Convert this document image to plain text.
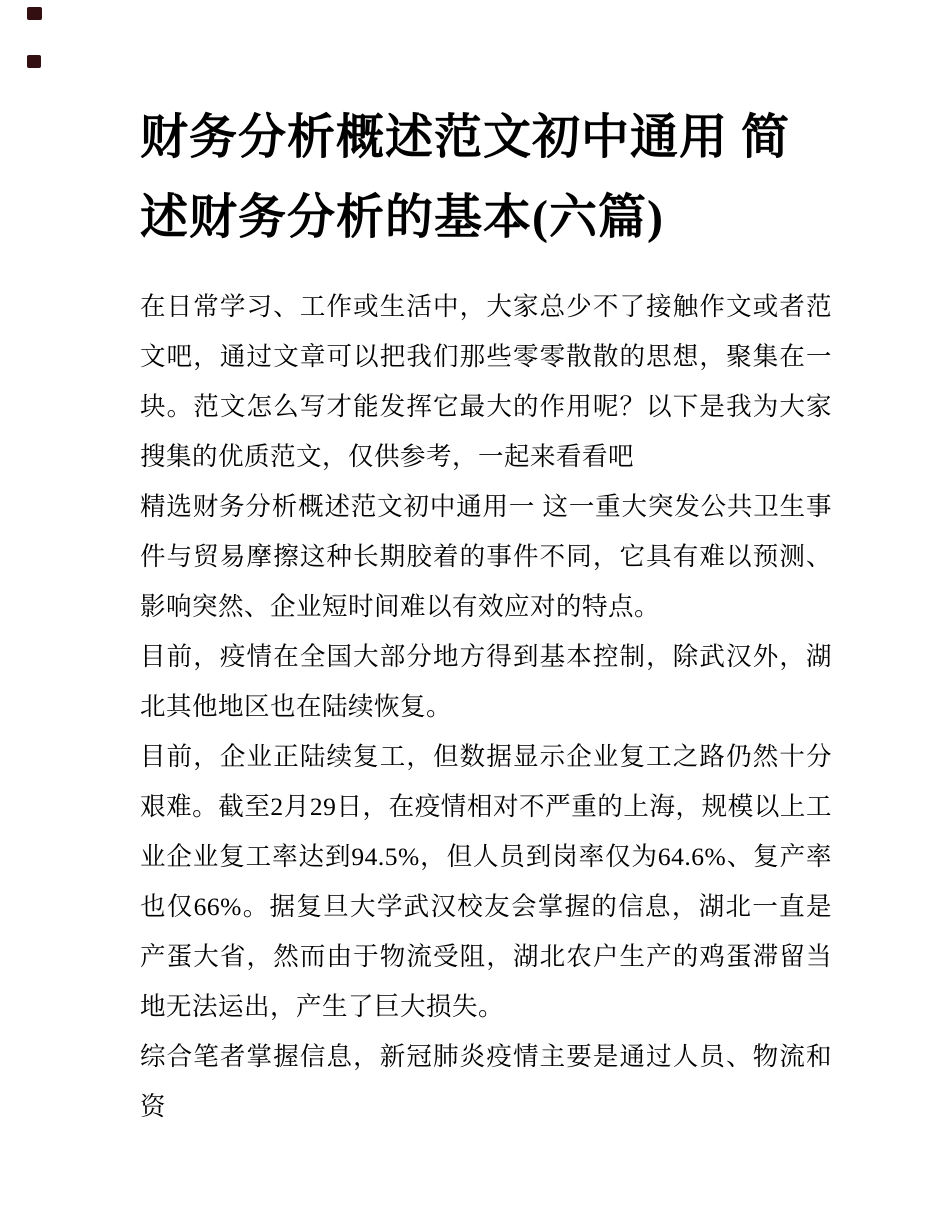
财务分析概述范文初中通用 简述财务分析的基本(六篇)

在日常学习、工作或生活中，大家总少不了接触作文或者范文吧，通过文章可以把我们那些零零散散的思想，聚集在一块。范文怎么写才能发挥它最大的作用呢？以下是我为大家搜集的优质范文，仅供参考，一起来看看吧

精选财务分析概述范文初中通用一 这一重大突发公共卫生事件与贸易摩擦这种长期胶着的事件不同，它具有难以预测、影响突然、企业短时间难以有效应对的特点。

目前，疫情在全国大部分地方得到基本控制，除武汉外，湖北其他地区也在陆续恢复。

目前，企业正陆续复工，但数据显示企业复工之路仍然十分艰难。截至2月29日，在疫情相对不严重的上海，规模以上工业企业复工率达到94.5%，但人员到岗率仅为64.6%、复产率也仅66%。据复旦大学武汉校友会掌握的信息，湖北一直是产蛋大省，然而由于物流受阻，湖北农户生产的鸡蛋滞留当地无法运出，产生了巨大损失。

综合笔者掌握信息，新冠肺炎疫情主要是通过人员、物流和资
